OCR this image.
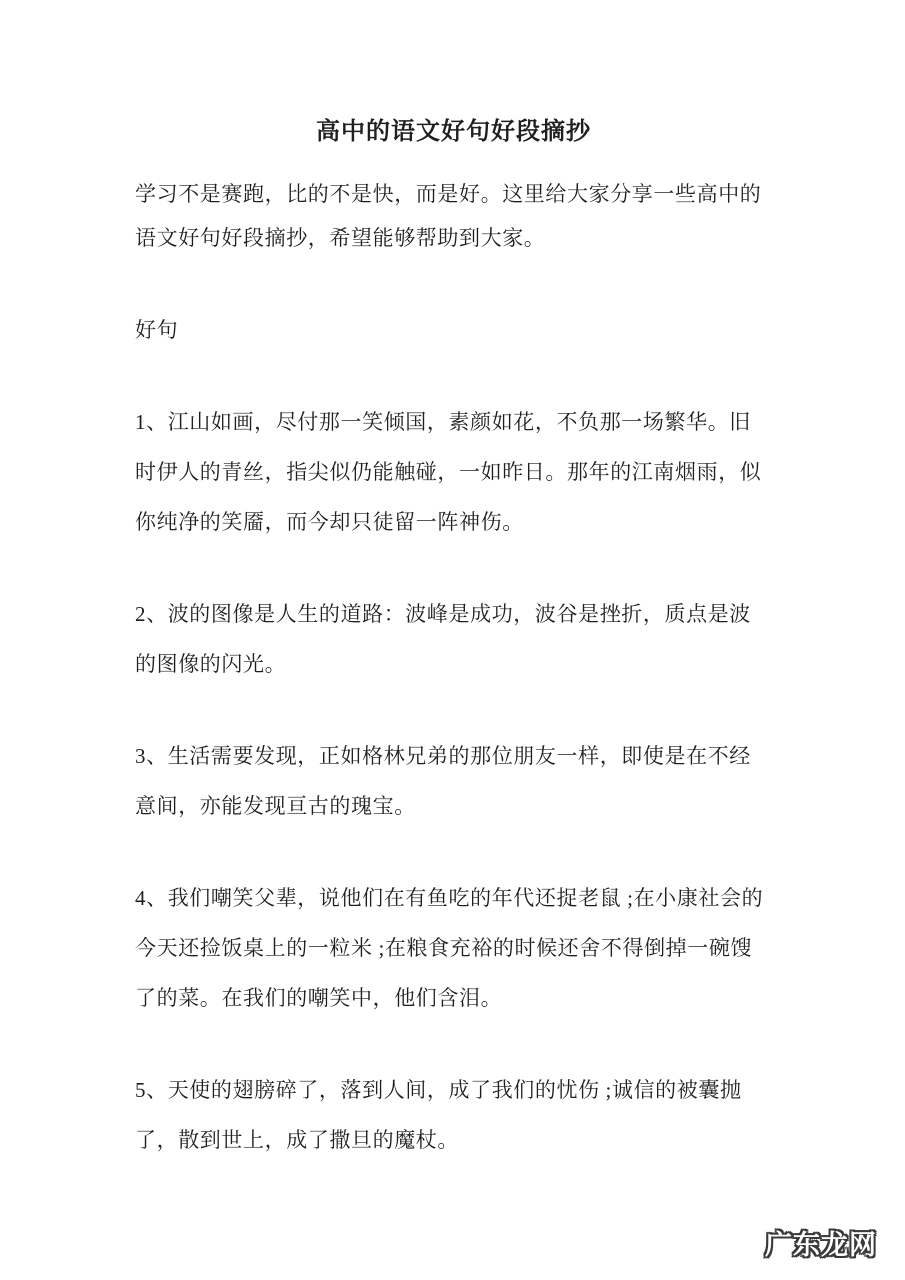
高中的语文好句好段摘抄

学习不是赛跑，比的不是快，而是好。这里给大家分享一些高中的语文好句好段摘抄，希望能够帮助到大家。

好句

1、江山如画，尽付那一笑倾国，素颜如花，不负那一场繁华。旧时伊人的青丝，指尖似仍能触碰，一如昨日。那年的江南烟雨，似你纯净的笑靥，而今却只徒留一阵神伤。

2、波的图像是人生的道路：波峰是成功，波谷是挫折，质点是波的图像的闪光。

3、生活需要发现，正如格林兄弟的那位朋友一样，即使是在不经意间，亦能发现亘古的瑰宝。

4、我们嘲笑父辈，说他们在有鱼吃的年代还捉老鼠 ;在小康社会的今天还捡饭桌上的一粒米 ;在粮食充裕的时候还舍不得倒掉一碗馊了的菜。在我们的嘲笑中，他们含泪。

5、天使的翅膀碎了，落到人间，成了我们的忧伤 ;诚信的被囊抛了，散到世上，成了撒旦的魔杖。

广东龙网
